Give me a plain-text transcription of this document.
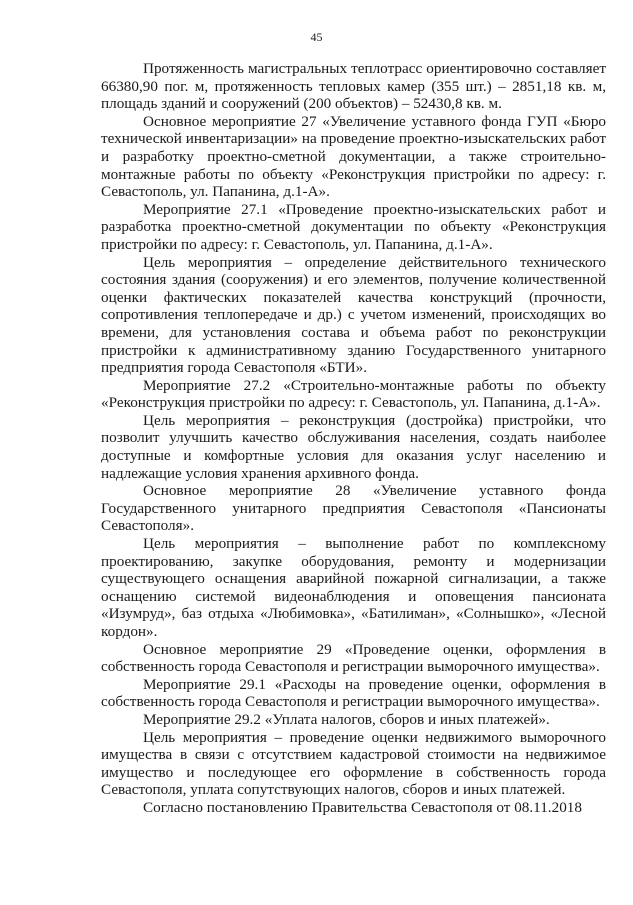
45

Протяженность магистральных теплотрасс ориентировочно составляет 66380,90 пог. м, протяженность тепловых камер (355 шт.) – 2851,18 кв. м, площадь зданий и сооружений (200 объектов) – 52430,8 кв. м.

Основное мероприятие 27 «Увеличение уставного фонда ГУП «Бюро технической инвентаризации» на проведение проектно-изыскательских работ и разработку проектно-сметной документации, а также строительно-монтажные работы по объекту «Реконструкция пристройки по адресу: г. Севастополь, ул. Папанина, д.1-А».

Мероприятие 27.1 «Проведение проектно-изыскательских работ и разработка проектно-сметной документации по объекту «Реконструкция пристройки по адресу: г. Севастополь, ул. Папанина, д.1-А».

Цель мероприятия – определение действительного технического состояния здания (сооружения) и его элементов, получение количественной оценки фактических показателей качества конструкций (прочности, сопротивления теплопередаче и др.) с учетом изменений, происходящих во времени, для установления состава и объема работ по реконструкции пристройки к административному зданию Государственного унитарного предприятия города Севастополя «БТИ».

Мероприятие 27.2 «Строительно-монтажные работы по объекту «Реконструкция пристройки по адресу: г. Севастополь, ул. Папанина, д.1-А».

Цель мероприятия – реконструкция (достройка) пристройки, что позволит улучшить качество обслуживания населения, создать наиболее доступные и комфортные условия для оказания услуг населению и надлежащие условия хранения архивного фонда.

Основное мероприятие 28 «Увеличение уставного фонда Государственного унитарного предприятия Севастополя «Пансионаты Севастополя».

Цель мероприятия – выполнение работ по комплексному проектированию, закупке оборудования, ремонту и модернизации существующего оснащения аварийной пожарной сигнализации, а также оснащению системой видеонаблюдения и оповещения пансионата «Изумруд», баз отдыха «Любимовка», «Батилиман», «Солнышко», «Лесной кордон».

Основное мероприятие 29 «Проведение оценки, оформления в собственность города Севастополя и регистрации выморочного имущества».

Мероприятие 29.1 «Расходы на проведение оценки, оформления в собственность города Севастополя и регистрации выморочного имущества».

Мероприятие 29.2 «Уплата налогов, сборов и иных платежей».

Цель мероприятия – проведение оценки недвижимого выморочного имущества в связи с отсутствием кадастровой стоимости на недвижимое имущество и последующее его оформление в собственность города Севастополя, уплата сопутствующих налогов, сборов и иных платежей.

Согласно постановлению Правительства Севастополя от 08.11.2018
